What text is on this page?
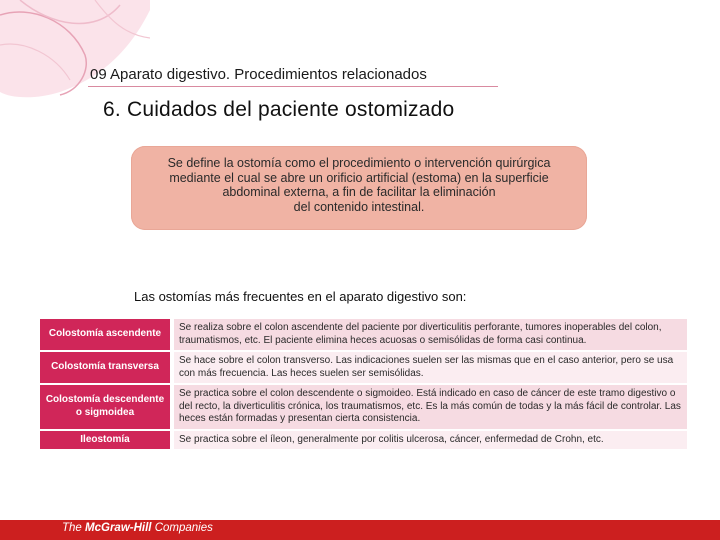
09 Aparato digestivo. Procedimientos relacionados
6. Cuidados del paciente ostomizado
Se define la ostomía como el procedimiento o intervención quirúrgica
mediante el cual se abre un orificio artificial (estoma) en la superficie
abdominal externa, a fin de facilitar la eliminación
del contenido intestinal.
Las ostomías más frecuentes en el aparato digestivo son:
Colostomía ascendente	Se realiza sobre el colon ascendente del paciente por diverticulitis perforante, tumores inoperables del colon, traumatismos, etc. El paciente elimina heces acuosas o semisólidas de forma casi continua.
Colostomía transversa	Se hace sobre el colon transverso. Las indicaciones suelen ser las mismas que en el caso anterior, pero se usa con más frecuencia. Las heces suelen ser semisólidas.
Colostomía descendente o sigmoidea	Se practica sobre el colon descendente o sigmoideo. Está indicado en caso de cáncer de este tramo digestivo o del recto, la diverticulitis crónica, los traumatismos, etc. Es la más común de todas y la más fácil de controlar. Las heces están formadas y presentan cierta consistencia.
Ileostomía	Se practica sobre el íleon, generalmente por colitis ulcerosa, cáncer, enfermedad de Crohn, etc.
The McGraw-Hill Companies
